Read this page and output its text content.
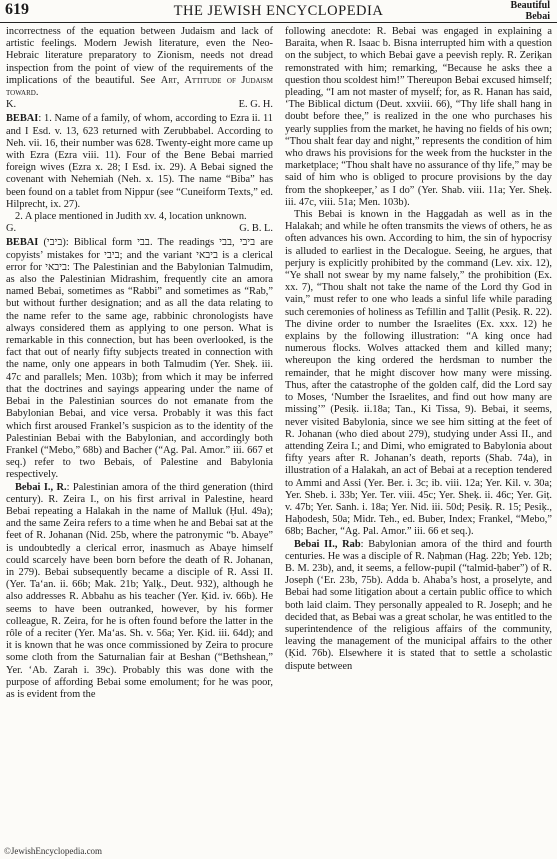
619	THE JEWISH ENCYCLOPEDIA	Beautiful
Bebai

incorrectness of the equation between Judaism and lack of artistic feelings. Modern Jewish literature, even the Neo-Hebraic literature preparatory to Zionism, needs not dread inspection from the point of view of the requirements of the implications of the beautiful. See Art, Attitude of Judaism toward.

K.	E. G. H.

BEBAI: 1. Name of a family, of whom, according to Ezra ii. 11 and I Esd. v. 13, 623 returned with Zerubbabel. According to Neh. vii. 16, their number was 628. Twenty-eight more came up with Ezra (Ezra viii. 11). Four of the Bene Bebai married foreign wives (Ezra x. 28; I Esd. ix. 29). A Bebai signed the covenant with Nehemiah (Neh. x. 15). The name “Biba” has been found on a tablet from Nippur (see “Cuneiform Texts,” ed. Hilprecht, ix. 27).

2. A place mentioned in Judith xv. 4, location unknown.

G.	G. B. L.

BEBAI (ביבי): Biblical form בבי. The readings ביבי ,בבי are copyists’ mistakes for ביבי; and the variant ביבאי is a clerical error for ביבאי: The Palestinian and the Babylonian Talmudim, as also the Palestinian Midrashim, frequently cite an amora named Bebai, sometimes as “Rabbi” and sometimes as “Rab,” but without further designation; and as all the data relating to the name refer to the same age, rabbinic chronologists have always considered them as applying to one person. What is remarkable in this connection, but has been overlooked, is the fact that out of nearly fifty subjects treated in connection with the name, only one appears in both Talmudim (Yer. Sheḳ. iii. 47c and parallels; Men. 103b); from which it may be inferred that the doctrines and sayings appearing under the name of Bebai in the Palestinian sources do not emanate from the Babylonian Bebai, and vice versa. Probably it was this fact which first aroused Frankel’s suspicion as to the identity of the Palestinian Bebai with the Babylonian, and accordingly both Frankel (“Mebo,” 68b) and Bacher (“Ag. Pal. Amor.” iii. 667 et seq.) refer to two Bebais, of Palestine and Babylonia respectively.

Bebai I., R.: Palestinian amora of the third generation (third century). R. Zeira I., on his first arrival in Palestine, heard Bebai repeating a Halakah in the name of Malluk (Ḥul. 49a); and the same Zeira refers to a time when he and Bebai sat at the feet of R. Johanan (Nid. 25b, where the patronymic “b. Abaye” is undoubtedly a clerical error, inasmuch as Abaye himself could scarcely have been born before the death of R. Johanan, in 279). Bebai subsequently became a disciple of R. Assi II. (Yer. Ta‘an. ii. 66b; Mak. 21b; Yalḳ., Deut. 932), although he also addresses R. Abbahu as his teacher (Yer. Ḳid. iv. 66b). He seems to have been outranked, however, by his former colleague, R. Zeira, for he is often found before the latter in the rôle of a reciter (Yer. Ma‘as. Sh. v. 56a; Yer. Ḳid. iii. 64d); and it is known that he was once commissioned by Zeira to procure some cloth from the Saturnalian fair at Beshan (“Bethshean,” Yer. ‘Ab. Zarah i. 39c). Probably this was done with the purpose of affording Bebai some emolument; for he was poor, as is evident from the

following anecdote: R. Bebai was engaged in explaining a Baraita, when R. Isaac b. Bisna interrupted him with a question on the subject, to which Bebai gave a peevish reply. R. Zeriḳan remonstrated with him; remarking, “Because he asks thee a question thou scoldest him!” Thereupon Bebai excused himself; pleading, “I am not master of myself; for, as R. Hanan has said, ‘The Biblical dictum (Deut. xxviii. 66), “Thy life shall hang in doubt before thee,” is realized in the one who purchases his yearly supplies from the market, he having no fields of his own; “Thou shalt fear day and night,” represents the condition of him who draws his provisions for the week from the huckster in the marketplace; “Thou shalt have no assurance of thy life,” may be said of him who is obliged to procure provisions by the day from the shopkeeper,’ as I do” (Yer. Shab. viii. 11a; Yer. Sheḳ. iii. 47c, viii. 51a; Men. 103b).

This Bebai is known in the Haggadah as well as in the Halakah; and while he often transmits the views of others, he as often advances his own. According to him, the sin of hypocrisy is alluded to earliest in the Decalogue. Seeing, he argues, that perjury is explicitly prohibited by the command (Lev. xix. 12), “Ye shall not swear by my name falsely,” the prohibition (Ex. xx. 7), “Thou shalt not take the name of the Lord thy God in vain,” must refer to one who leads a sinful life while parading such ceremonies of holiness as Tefillin and Ṭallit (Pesiḳ. R. 22). The divine order to number the Israelites (Ex. xxx. 12) he explains by the following illustration: “A king once had numerous flocks. Wolves attacked them and killed many; whereupon the king ordered the herdsman to number the remainder, that he might discover how many were missing. Thus, after the catastrophe of the golden calf, did the Lord say to Moses, ‘Number the Israelites, and find out how many are missing’” (Pesiḳ. ii.18a; Tan., Ki Tissa, 9). Bebai, it seems, never visited Babylonia, since we see him sitting at the feet of R. Johanan (who died about 279), studying under Assi II., and attending Zeira I.; and Dimi, who emigrated to Babylonia about fifty years after R. Johanan’s death, reports (Shab. 74a), in illustration of a Halakah, an act of Bebai at a reception tendered to Ammi and Assi (Yer. Ber. i. 3c; ib. viii. 12a; Yer. Kil. v. 30a; Yer. Sheb. i. 33b; Yer. Ter. viii. 45c; Yer. Sheḳ. ii. 46c; Yer. Giṭ. v. 47b; Yer. Sanh. i. 18a; Yer. Nid. iii. 50d; Pesiḳ. R. 15; Pesiḳ., Haḥodesh, 50a; Midr. Teh., ed. Buber, Index; Frankel, “Mebo,” 68b; Bacher, “Ag. Pal. Amor.” iii. 66 et seq.).

Bebai II., Rab: Babylonian amora of the third and fourth centuries. He was a disciple of R. Naḥman (Hag. 22b; Yeb. 12b; B. M. 23b), and, it seems, a fellow-pupil (“talmid-ḥaber”) of R. Joseph (‘Er. 23b, 75b). Adda b. Ahaba’s host, a proselyte, and Bebai had some litigation about a certain public office to which both laid claim. They personally appealed to R. Joseph; and he decided that, as Bebai was a great scholar, he was entitled to the superintendence of the religious affairs of the community, leaving the management of the municipal affairs to the other (Ḳid. 76b). Elsewhere it is stated that to settle a scholastic dispute between

©JewishEncyclopedia.com
